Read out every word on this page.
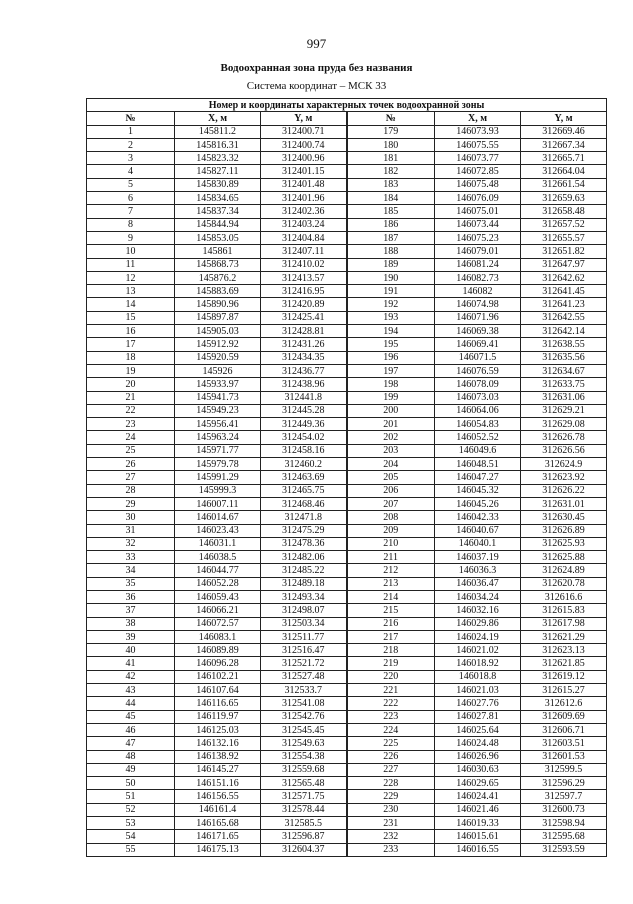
997
Водоохранная зона пруда без названия
Система координат – МСК 33
Номер и координаты характерных точек водоохранной зоны					
№	X, м	Y, м	№	X, м	Y, м
1	145811.2	312400.71	179	146073.93	312669.46
2	145816.31	312400.74	180	146075.55	312667.34
3	145823.32	312400.96	181	146073.77	312665.71
4	145827.11	312401.15	182	146072.85	312664.04
5	145830.89	312401.48	183	146075.48	312661.54
6	145834.65	312401.96	184	146076.09	312659.63
7	145837.34	312402.36	185	146075.01	312658.48
8	145844.94	312403.24	186	146073.44	312657.52
9	145853.05	312404.84	187	146075.23	312655.57
10	145861	312407.11	188	146079.01	312651.82
11	145868.73	312410.02	189	146081.24	312647.97
12	145876.2	312413.57	190	146082.73	312642.62
13	145883.69	312416.95	191	146082	312641.45
14	145890.96	312420.89	192	146074.98	312641.23
15	145897.87	312425.41	193	146071.96	312642.55
16	145905.03	312428.81	194	146069.38	312642.14
17	145912.92	312431.26	195	146069.41	312638.55
18	145920.59	312434.35	196	146071.5	312635.56
19	145926	312436.77	197	146076.59	312634.67
20	145933.97	312438.96	198	146078.09	312633.75
21	145941.73	312441.8	199	146073.03	312631.06
22	145949.23	312445.28	200	146064.06	312629.21
23	145956.41	312449.36	201	146054.83	312629.08
24	145963.24	312454.02	202	146052.52	312626.78
25	145971.77	312458.16	203	146049.6	312626.56
26	145979.78	312460.2	204	146048.51	312624.9
27	145991.29	312463.69	205	146047.27	312623.92
28	145999.3	312465.75	206	146045.32	312626.22
29	146007.11	312468.46	207	146045.26	312631.01
30	146014.67	312471.8	208	146042.33	312630.45
31	146023.43	312475.29	209	146040.67	312626.89
32	146031.1	312478.36	210	146040.1	312625.93
33	146038.5	312482.06	211	146037.19	312625.88
34	146044.77	312485.22	212	146036.3	312624.89
35	146052.28	312489.18	213	146036.47	312620.78
36	146059.43	312493.34	214	146034.24	312616.6
37	146066.21	312498.07	215	146032.16	312615.83
38	146072.57	312503.34	216	146029.86	312617.98
39	146083.1	312511.77	217	146024.19	312621.29
40	146089.89	312516.47	218	146021.02	312623.13
41	146096.28	312521.72	219	146018.92	312621.85
42	146102.21	312527.48	220	146018.8	312619.12
43	146107.64	312533.7	221	146021.03	312615.27
44	146116.65	312541.08	222	146027.76	312612.6
45	146119.97	312542.76	223	146027.81	312609.69
46	146125.03	312545.45	224	146025.64	312606.71
47	146132.16	312549.63	225	146024.48	312603.51
48	146138.92	312554.38	226	146026.96	312601.53
49	146145.27	312559.68	227	146030.63	312599.5
50	146151.16	312565.48	228	146029.65	312596.29
51	146156.55	312571.75	229	146024.41	312597.7
52	146161.4	312578.44	230	146021.46	312600.73
53	146165.68	312585.5	231	146019.33	312598.94
54	146171.65	312596.87	232	146015.61	312595.68
55	146175.13	312604.37	233	146016.55	312593.59
